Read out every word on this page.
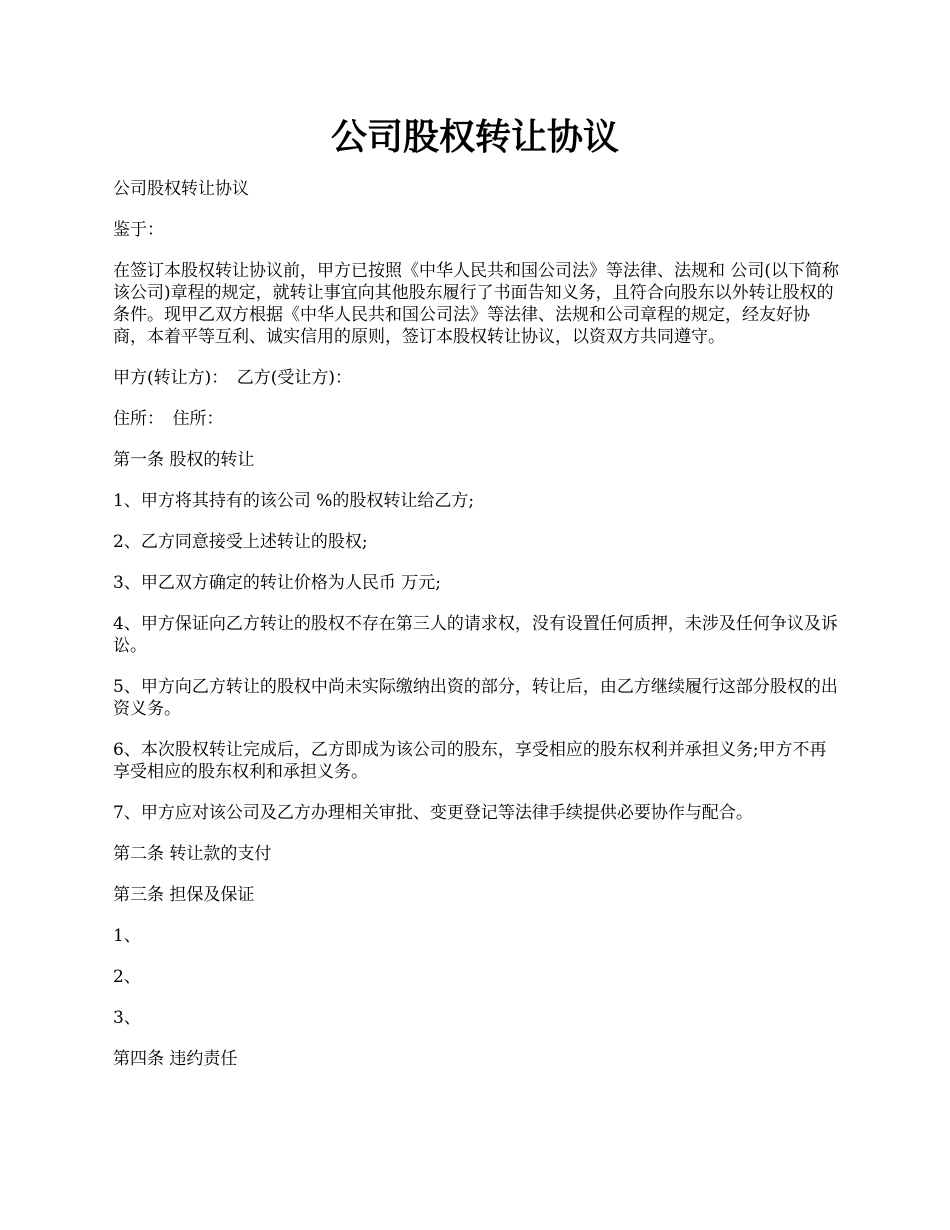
公司股权转让协议

公司股权转让协议

鉴于：

在签订本股权转让协议前，甲方已按照《中华人民共和国公司法》等法律、法规和 公司(以下简称该公司)章程的规定，就转让事宜向其他股东履行了书面告知义务，且符合向股东以外转让股权的条件。现甲乙双方根据《中华人民共和国公司法》等法律、法规和公司章程的规定，经友好协商，本着平等互利、诚实信用的原则，签订本股权转让协议，以资双方共同遵守。

甲方(转让方)：　乙方(受让方)：

住所：　住所：

第一条 股权的转让

1、甲方将其持有的该公司 %的股权转让给乙方;

2、乙方同意接受上述转让的股权;

3、甲乙双方确定的转让价格为人民币 万元;

4、甲方保证向乙方转让的股权不存在第三人的请求权，没有设置任何质押，未涉及任何争议及诉讼。

5、甲方向乙方转让的股权中尚未实际缴纳出资的部分，转让后，由乙方继续履行这部分股权的出资义务。

6、本次股权转让完成后，乙方即成为该公司的股东，享受相应的股东权利并承担义务;甲方不再享受相应的股东权利和承担义务。

7、甲方应对该公司及乙方办理相关审批、变更登记等法律手续提供必要协作与配合。

第二条 转让款的支付

第三条 担保及保证

1、

2、

3、

第四条 违约责任
